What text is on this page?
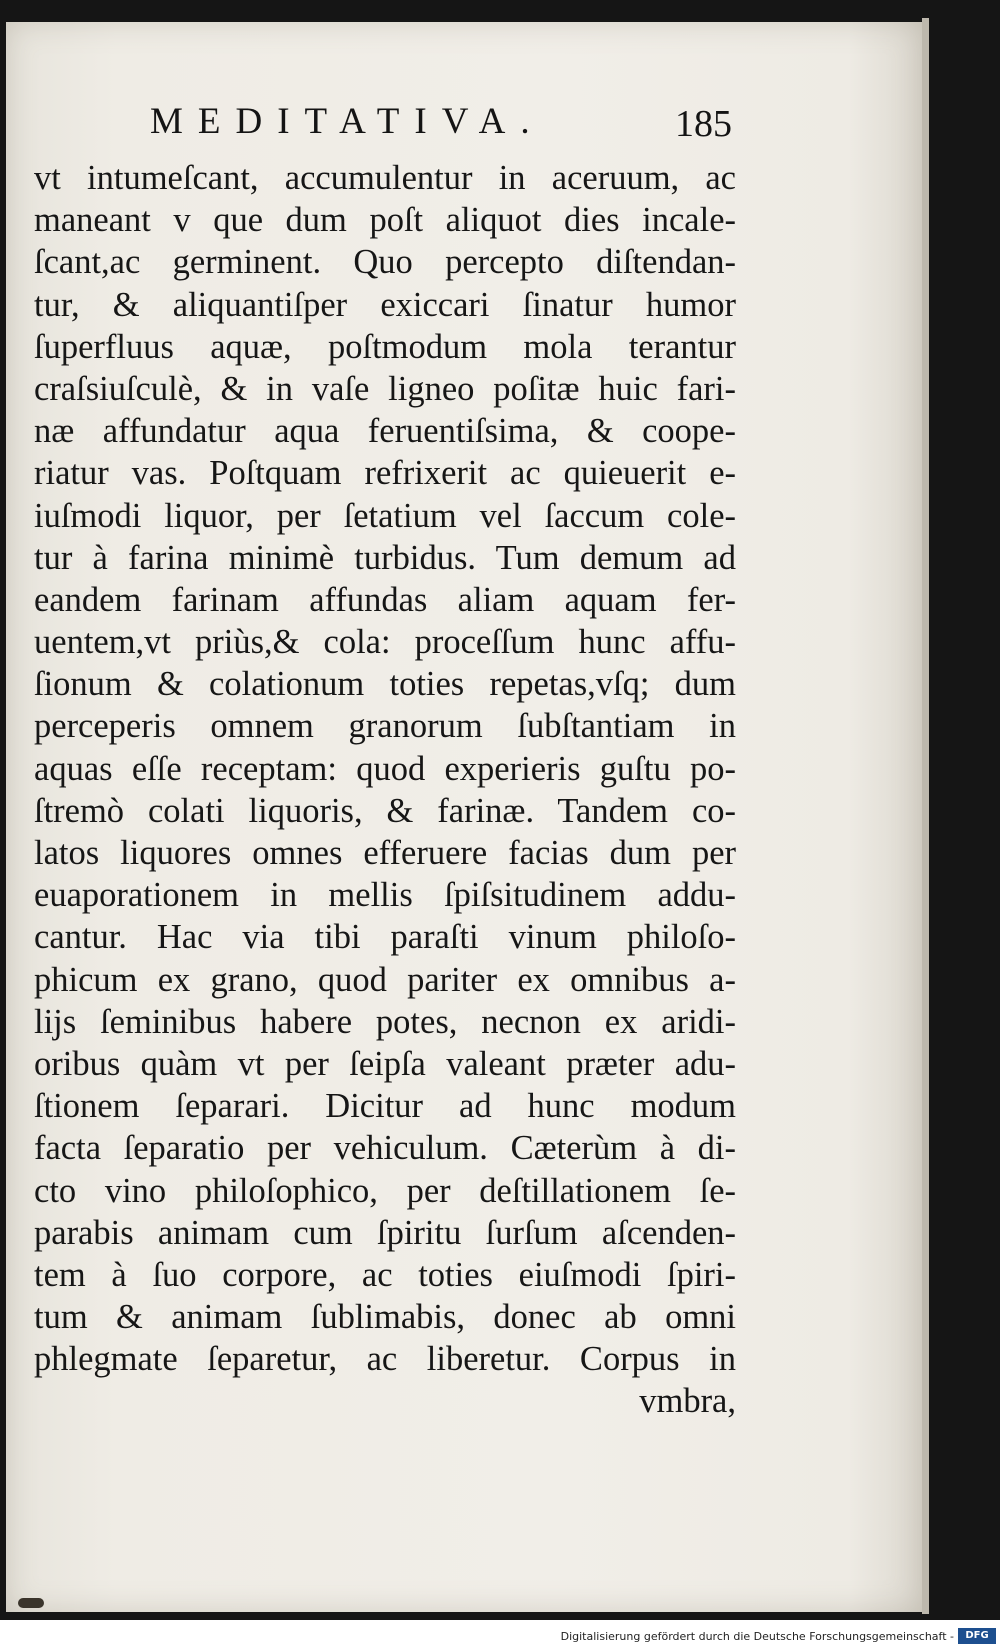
MEDITATIVA.	185
vt intumeſcant, accumulentur in aceruum, ac
maneant v que dum poſt aliquot dies incale-
ſcant,ac germinent. Quo percepto diſtendan-
tur, & aliquantiſper exiccari ſinatur humor
ſuperfluus aquæ, poſtmodum mola terantur
craſsiuſculè, & in vaſe ligneo poſitæ huic fari-
næ affundatur aqua feruentiſsima, & coope-
riatur vas. Poſtquam refrixerit ac quieuerit e-
iuſmodi liquor, per ſetatium vel ſaccum cole-
tur à farina minimè turbidus. Tum demum ad
eandem farinam affundas aliam aquam fer-
uentem,vt priùs,& cola: proceſſum hunc affu-
ſionum & colationum toties repetas,vſq; dum
perceperis omnem granorum ſubſtantiam in
aquas eſſe receptam: quod experieris guſtu po-
ſtremò colati liquoris, & farinæ. Tandem co-
latos liquores omnes efferuere facias dum per
euaporationem in mellis ſpiſsitudinem addu-
cantur. Hac via tibi paraſti vinum philoſo-
phicum ex grano, quod pariter ex omnibus a-
lijs ſeminibus habere potes, necnon ex aridi-
oribus quàm vt per ſeipſa valeant præter adu-
ſtionem ſeparari. Dicitur ad hunc modum
facta ſeparatio per vehiculum. Cæterùm à di-
cto vino philoſophico, per deſtillationem ſe-
parabis animam cum ſpiritu ſurſum aſcenden-
tem à ſuo corpore, ac toties eiuſmodi ſpiri-
tum & animam ſublimabis, donec ab omni
phlegmate ſeparetur, ac liberetur. Corpus in
vmbra,
Digitalisierung gefördert durch die Deutsche Forschungsgemeinschaft -	DFG
